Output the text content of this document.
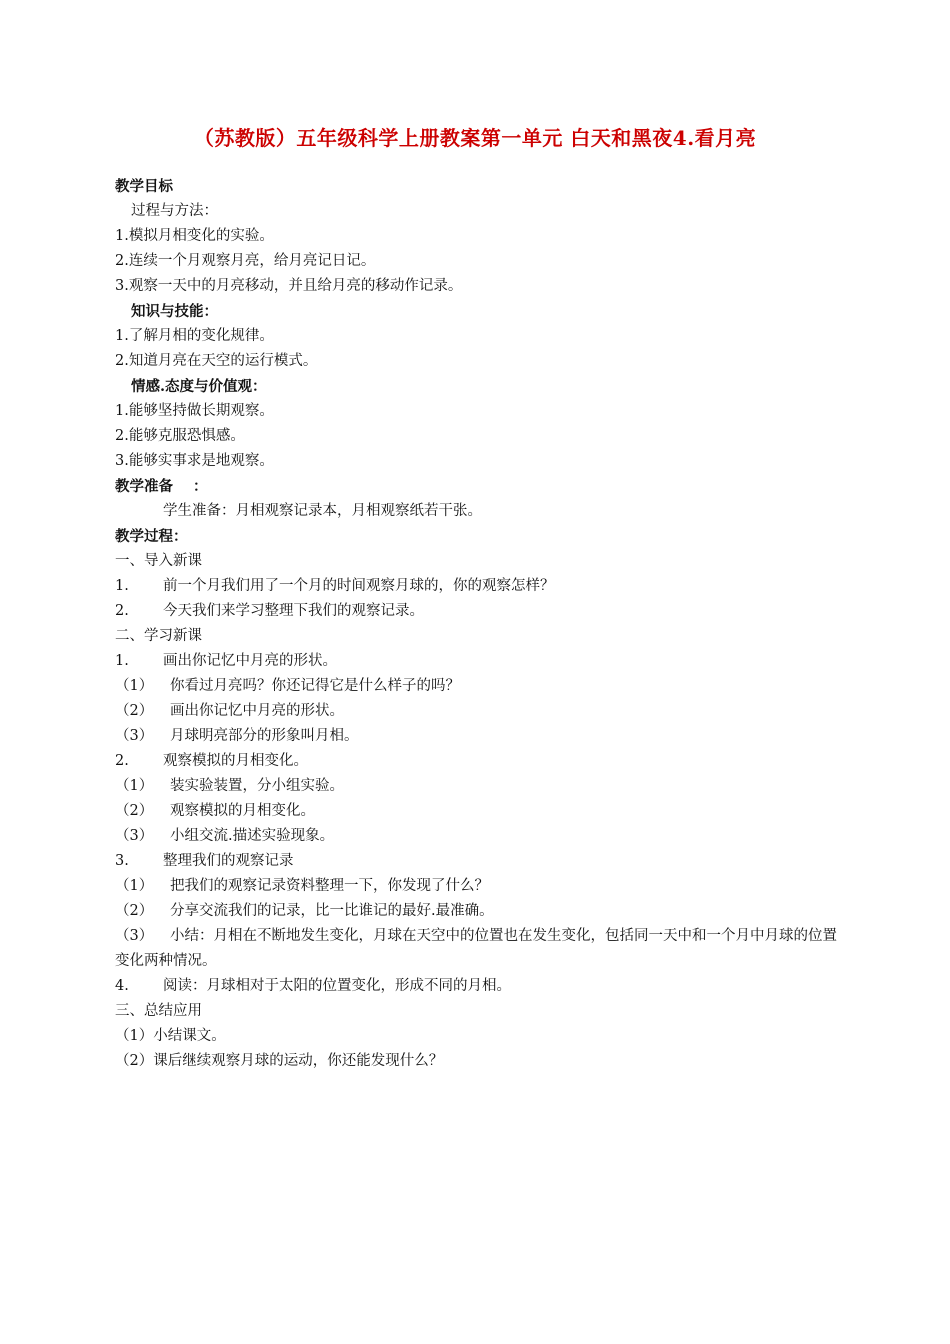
（苏教版）五年级科学上册教案第一单元 白天和黑夜4.看月亮
教学目标
过程与方法：
1.模拟月相变化的实验。
2.连续一个月观察月亮，给月亮记日记。
3.观察一天中的月亮移动，并且给月亮的移动作记录。
知识与技能：
1.了解月相的变化规律。
2.知道月亮在天空的运行模式。
情感.态度与价值观：
1.能够坚持做长期观察。
2.能够克服恐惧感。
3.能够实事求是地观察。
教学准备 ：
学生准备：月相观察记录本，月相观察纸若干张。
教学过程：
一、导入新课
1. 前一个月我们用了一个月的时间观察月球的，你的观察怎样？
2. 今天我们来学习整理下我们的观察记录。
二、学习新课
1. 画出你记忆中月亮的形状。
（1） 你看过月亮吗？你还记得它是什么样子的吗？
（2） 画出你记忆中月亮的形状。
（3） 月球明亮部分的形象叫月相。
2. 观察模拟的月相变化。
（1） 装实验装置，分小组实验。
（2） 观察模拟的月相变化。
（3） 小组交流.描述实验现象。
3. 整理我们的观察记录
（1） 把我们的观察记录资料整理一下，你发现了什么？
（2） 分享交流我们的记录，比一比谁记的最好.最准确。
（3） 小结：月相在不断地发生变化，月球在天空中的位置也在发生变化，包括同一天中和一个月中月球的位置变化两种情况。
4. 阅读：月球相对于太阳的位置变化，形成不同的月相。
三、总结应用
（1）小结课文。
（2）课后继续观察月球的运动，你还能发现什么？
